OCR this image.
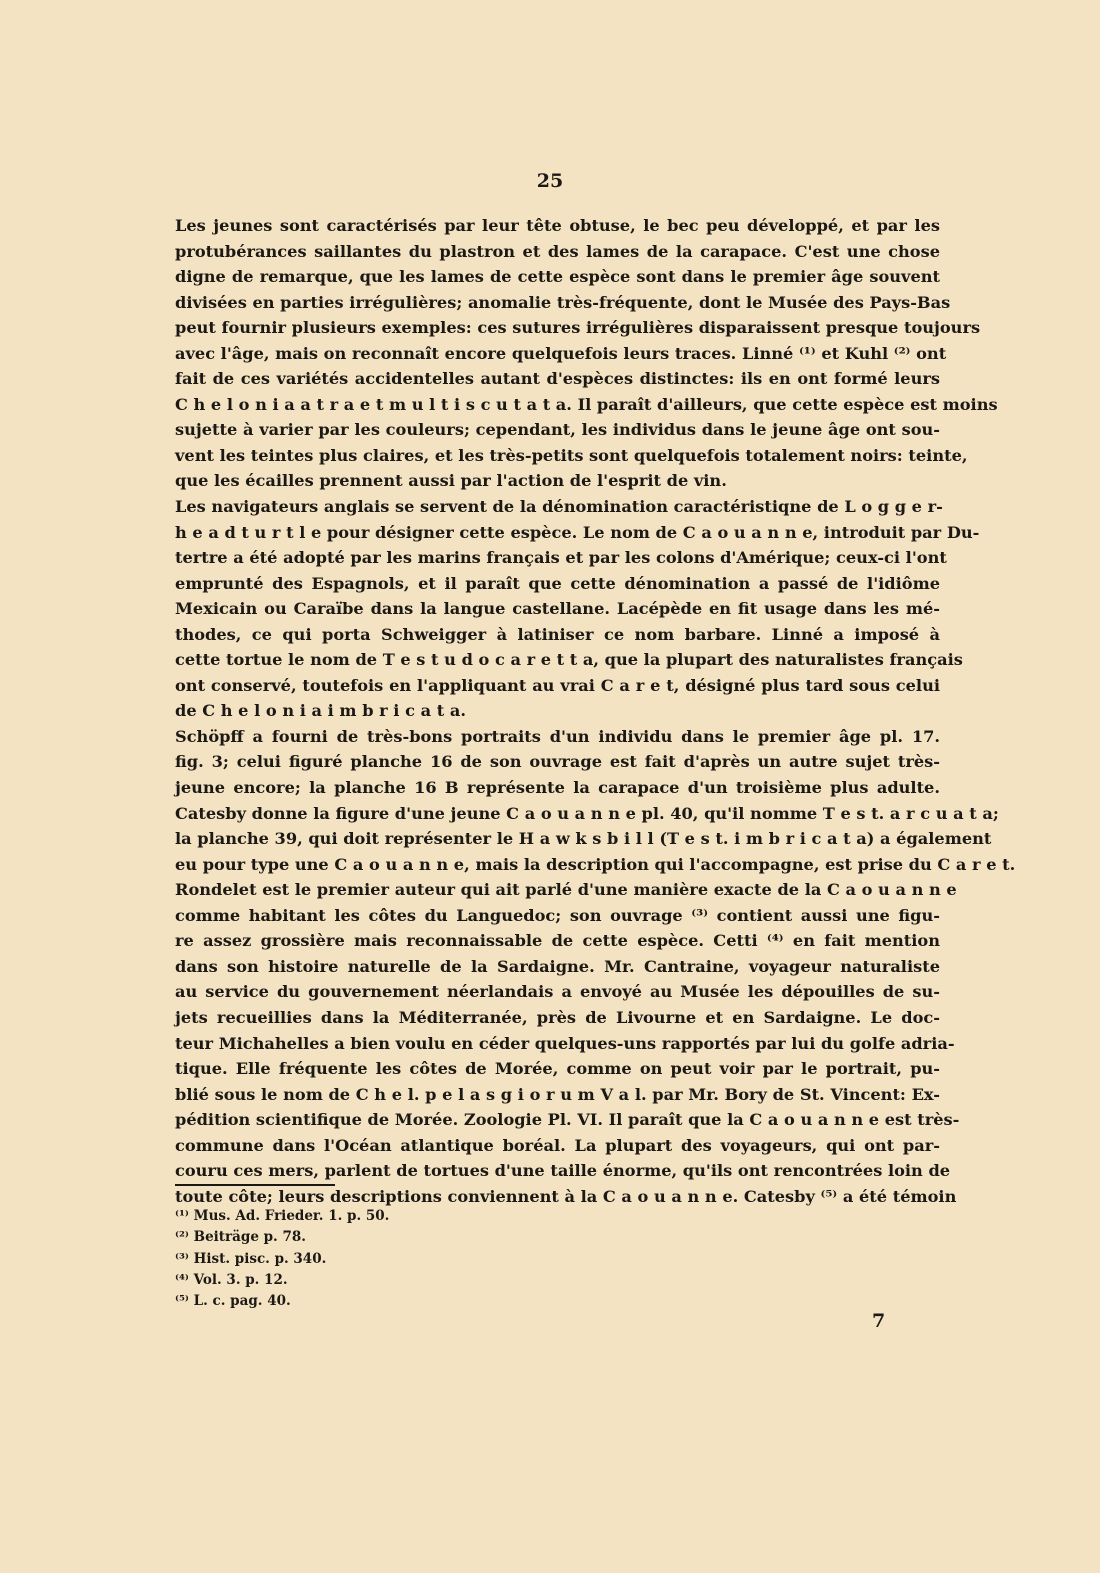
25
Les jeunes sont caractérisés par leur tête obtuse, le bec peu développé, et par les
protubérances saillantes du plastron et des lames de la carapace. C'est une chose
digne de remarque, que les lames de cette espèce sont dans le premier âge souvent
divisées en parties irrégulières; anomalie très-fréquente, dont le Musée des Pays-Bas
peut fournir plusieurs exemples: ces sutures irrégulières disparaissent presque toujours
avec l'âge, mais on reconnaît encore quelquefois leurs traces. Linné ⁽¹⁾ et Kuhl ⁽²⁾ ont
fait de ces variétés accidentelles autant d'espèces distinctes: ils en ont formé leurs
C h e l o n i a a t r a e t m u l t i s c u t a t a. Il paraît d'ailleurs, que cette espèce est moins
sujette à varier par les couleurs; cependant, les individus dans le jeune âge ont sou-
vent les teintes plus claires, et les très-petits sont quelquefois totalement noirs: teinte,
que les écailles prennent aussi par l'action de l'esprit de vin.
Les navigateurs anglais se servent de la dénomination caractéristiqne de L o g g e r-
h e a d t u r t l e pour désigner cette espèce. Le nom de C a o u a n n e, introduit par Du-
tertre a été adopté par les marins français et par les colons d'Amérique; ceux-ci l'ont
emprunté des Espagnols, et il paraît que cette dénomination a passé de l'idiôme
Mexicain ou Caraïbe dans la langue castellane. Lacépède en fit usage dans les mé-
thodes, ce qui porta Schweigger à latiniser ce nom barbare. Linné a imposé à
cette tortue le nom de T e s t u d o c a r e t t a, que la plupart des naturalistes français
ont conservé, toutefois en l'appliquant au vrai C a r e t, désigné plus tard sous celui
de C h e l o n i a i m b r i c a t a.
Schöpff a fourni de très-bons portraits d'un individu dans le premier âge pl. 17.
fig. 3; celui figuré planche 16 de son ouvrage est fait d'après un autre sujet très-
jeune encore; la planche 16 B représente la carapace d'un troisième plus adulte.
Catesby donne la figure d'une jeune C a o u a n n e pl. 40, qu'il nomme T e s t. a r c u a t a;
la planche 39, qui doit représenter le H a w k s b i l l (T e s t. i m b r i c a t a) a également
eu pour type une C a o u a n n e, mais la description qui l'accompagne, est prise du C a r e t.
Rondelet est le premier auteur qui ait parlé d'une manière exacte de la C a o u a n n e
comme habitant les côtes du Languedoc; son ouvrage ⁽³⁾ contient aussi une figu-
re assez grossière mais reconnaissable de cette espèce. Cetti ⁽⁴⁾ en fait mention
dans son histoire naturelle de la Sardaigne. Mr. Cantraine, voyageur naturaliste
au service du gouvernement néerlandais a envoyé au Musée les dépouilles de su-
jets recueillies dans la Méditerranée, près de Livourne et en Sardaigne. Le doc-
teur Michahelles a bien voulu en céder quelques-uns rapportés par lui du golfe adria-
tique. Elle fréquente les côtes de Morée, comme on peut voir par le portrait, pu-
blié sous le nom de C h e l. p e l a s g i o r u m V a l. par Mr. Bory de St. Vincent: Ex-
pédition scientifique de Morée. Zoologie Pl. VI. Il paraît que la C a o u a n n e est très-
commune dans l'Océan atlantique boréal. La plupart des voyageurs, qui ont par-
couru ces mers, parlent de tortues d'une taille énorme, qu'ils ont rencontrées loin de
toute côte; leurs descriptions conviennent à la C a o u a n n e. Catesby ⁽⁵⁾ a été témoin
⁽¹⁾ Mus. Ad. Frieder. 1. p. 50.
⁽²⁾ Beiträge p. 78.
⁽³⁾ Hist. pisc. p. 340.
⁽⁴⁾ Vol. 3. p. 12.
⁽⁵⁾ L. c. pag. 40.
7
